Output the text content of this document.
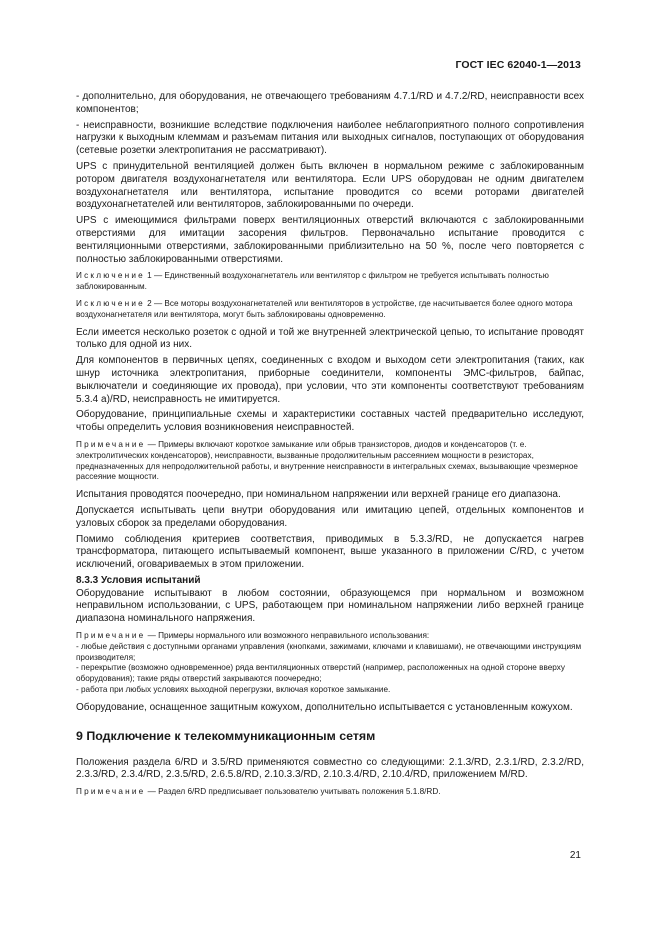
ГОСТ IEC 62040-1—2013

- дополнительно, для оборудования, не отвечающего требованиям 4.7.1/RD и 4.7.2/RD, неисправности всех компонентов;

- неисправности, возникшие вследствие подключения наиболее неблагоприятного полного сопротивления нагрузки к выходным клеммам и разъемам питания или выходных сигналов, поступающих от оборудования (сетевые розетки электропитания не рассматривают).

UPS с принудительной вентиляцией должен быть включен в нормальном режиме с заблокированным ротором двигателя воздухонагнетателя или вентилятора. Если UPS оборудован не одним двигателем воздухонагнетателя или вентилятора, испытание проводится со всеми роторами двигателей воздухонагнетателей или вентиляторов, заблокированными по очереди.

UPS с имеющимися фильтрами поверх вентиляционных отверстий включаются с заблокированными отверстиями для имитации засорения фильтров. Первоначально испытание проводится с вентиляционными отверстиями, заблокированными приблизительно на 50 %, после чего повторяется с полностью заблокированными отверстиями.

Исключение 1 — Единственный воздухонагнетатель или вентилятор с фильтром не требуется испытывать полностью заблокированным.
Исключение 2 — Все моторы воздухонагнетателей или вентиляторов в устройстве, где насчитывается более одного мотора воздухонагнетателя или вентилятора, могут быть заблокированы одновременно.

Если имеется несколько розеток с одной и той же внутренней электрической цепью, то испытание проводят только для одной из них.

Для компонентов в первичных цепях, соединенных с входом и выходом сети электропитания (таких, как шнур источника электропитания, приборные соединители, компоненты ЭМС-фильтров, байпас, выключатели и соединяющие их провода), при условии, что эти компоненты соответствуют требованиям 5.3.4 a)/RD, неисправность не имитируется.

Оборудование, принципиальные схемы и характеристики составных частей предварительно исследуют, чтобы определить условия возникновения неисправностей.

Примечание — Примеры включают короткое замыкание или обрыв транзисторов, диодов и конденсаторов (т. е. электролитических конденсаторов), неисправности, вызванные продолжительным рассеянием мощности в резисторах, предназначенных для непродолжительной работы, и внутренние неисправности в интегральных схемах, вызывающие чрезмерное рассеяние мощности.

Испытания проводятся поочередно, при номинальном напряжении или верхней границе его диапазона.

Допускается испытывать цепи внутри оборудования или имитацию цепей, отдельных компонентов и узловых сборок за пределами оборудования.

Помимо соблюдения критериев соответствия, приводимых в 5.3.3/RD, не допускается нагрев трансформатора, питающего испытываемый компонент, выше указанного в приложении C/RD, с учетом исключений, оговариваемых в этом приложении.

8.3.3 Условия испытаний

Оборудование испытывают в любом состоянии, образующемся при нормальном и возможном неправильном использовании, с UPS, работающем при номинальном напряжении либо верхней границе диапазона номинального напряжения.

Примечание — Примеры нормального или возможного неправильного использования:
- любые действия с доступными органами управления (кнопками, зажимами, ключами и клавишами), не отвечающими инструкциям производителя;
- перекрытие (возможно одновременное) ряда вентиляционных отверстий (например, расположенных на одной стороне вверху оборудования); такие ряды отверстий закрываются поочередно;
- работа при любых условиях выходной перегрузки, включая короткое замыкание.

Оборудование, оснащенное защитным кожухом, дополнительно испытывается с установленным кожухом.

9 Подключение к телекоммуникационным сетям

Положения раздела 6/RD и 3.5/RD применяются совместно со следующими: 2.1.3/RD, 2.3.1/RD, 2.3.2/RD, 2.3.3/RD, 2.3.4/RD, 2.3.5/RD, 2.6.5.8/RD, 2.10.3.3/RD, 2.10.3.4/RD, 2.10.4/RD, приложением M/RD.

Примечание — Раздел 6/RD предписывает пользователю учитывать положения 5.1.8/RD.
21
